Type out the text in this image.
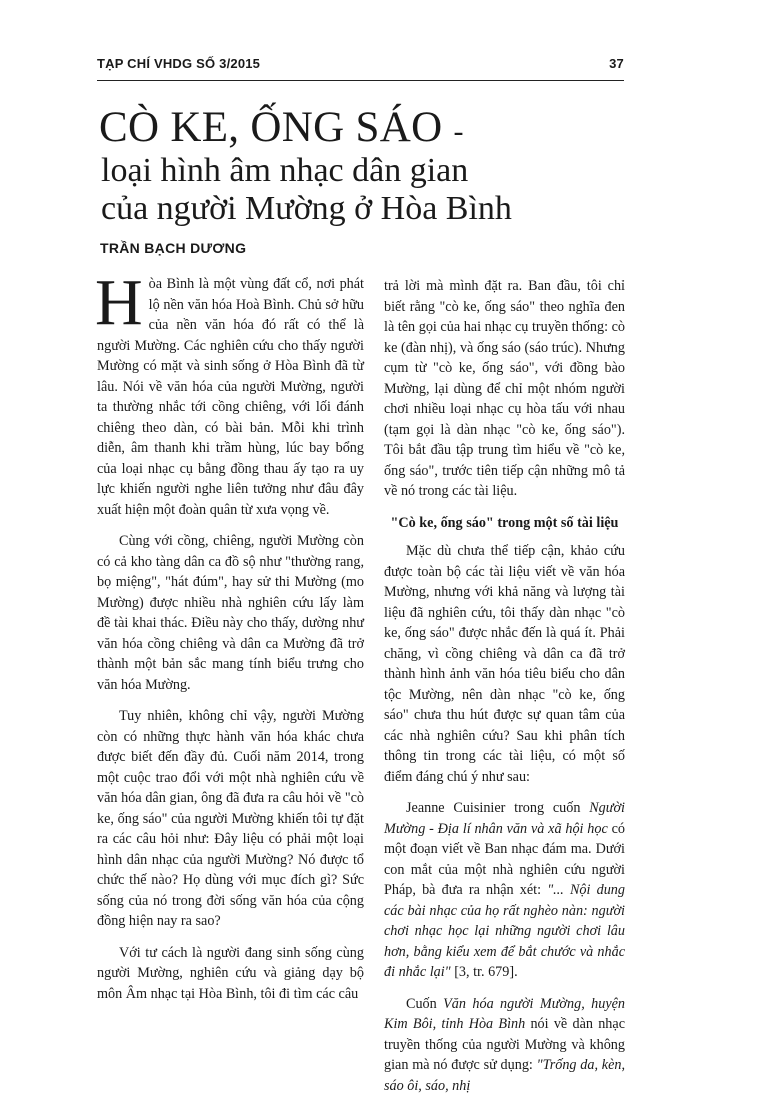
TẠP CHÍ VHDG SỐ 3/2015	37
CÒ KE, ỐNG SÁO -
loại hình âm nhạc dân gian
của người Mường ở Hòa Bình
TRẦN BẠCH DƯƠNG

Hòa Bình là một vùng đất cổ, nơi phát lộ nền văn hóa Hoà Bình. Chủ sở hữu của nền văn hóa đó rất có thể là người Mường. Các nghiên cứu cho thấy người Mường có mặt và sinh sống ở Hòa Bình đã từ lâu. Nói về văn hóa của người Mường, người ta thường nhắc tới cồng chiêng, với lối đánh chiêng theo dàn, có bài bản. Mỗi khi trình diễn, âm thanh khi trầm hùng, lúc bay bổng của loại nhạc cụ bằng đồng thau ấy tạo ra uy lực khiến người nghe liên tưởng như đâu đây xuất hiện một đoàn quân từ xưa vọng về.

Cùng với cồng, chiêng, người Mường còn có cả kho tàng dân ca đồ sộ như "thường rang, bọ miệng", "hát đúm", hay sử thi Mường (mo Mường) được nhiều nhà nghiên cứu lấy làm đề tài khai thác. Điều này cho thấy, dường như văn hóa cồng chiêng và dân ca Mường đã trở thành một bản sắc mang tính biểu trưng cho văn hóa Mường.

Tuy nhiên, không chỉ vậy, người Mường còn có những thực hành văn hóa khác chưa được biết đến đầy đủ. Cuối năm 2014, trong một cuộc trao đổi với một nhà nghiên cứu về văn hóa dân gian, ông đã đưa ra câu hỏi về "cò ke, ống sáo" của người Mường khiến tôi tự đặt ra các câu hỏi như: Đây liệu có phải một loại hình dân nhạc của người Mường? Nó được tổ chức thế nào? Họ dùng với mục đích gì? Sức sống của nó trong đời sống văn hóa của cộng đồng hiện nay ra sao?

Với tư cách là người đang sinh sống cùng người Mường, nghiên cứu và giảng dạy bộ môn Âm nhạc tại Hòa Bình, tôi đi tìm các câu

trả lời mà mình đặt ra. Ban đầu, tôi chỉ biết rằng "cò ke, ống sáo" theo nghĩa đen là tên gọi của hai nhạc cụ truyền thống: cò ke (đàn nhị), và ống sáo (sáo trúc). Nhưng cụm từ "cò ke, ống sáo", với đồng bào Mường, lại dùng để chỉ một nhóm người chơi nhiều loại nhạc cụ hòa tấu với nhau (tạm gọi là dàn nhạc "cò ke, ống sáo"). Tôi bắt đầu tập trung tìm hiểu về "cò ke, ống sáo", trước tiên tiếp cận những mô tả về nó trong các tài liệu.

"Cò ke, ống sáo" trong một số tài liệu

Mặc dù chưa thể tiếp cận, khảo cứu được toàn bộ các tài liệu viết về văn hóa Mường, nhưng với khả năng và lượng tài liệu đã nghiên cứu, tôi thấy dàn nhạc "cò ke, ống sáo" được nhắc đến là quá ít. Phải chăng, vì cồng chiêng và dân ca đã trở thành hình ảnh văn hóa tiêu biểu cho dân tộc Mường, nên dàn nhạc "cò ke, ống sáo" chưa thu hút được sự quan tâm của các nhà nghiên cứu? Sau khi phân tích thông tin trong các tài liệu, có một số điểm đáng chú ý như sau:

Jeanne Cuisinier trong cuốn Người Mường - Địa lí nhân văn và xã hội học có một đoạn viết về Ban nhạc đám ma. Dưới con mắt của một nhà nghiên cứu người Pháp, bà đưa ra nhận xét: "... Nội dung các bài nhạc của họ rất nghèo nàn: người chơi nhạc học lại những người chơi lâu hơn, bằng kiểu xem để bắt chước và nhắc đi nhắc lại" [3, tr. 679].

Cuốn Văn hóa người Mường, huyện Kim Bôi, tỉnh Hòa Bình nói về dàn nhạc truyền thống của người Mường và không gian mà nó được sử dụng: "Trống da, kèn, sáo ôi, sáo, nhị
